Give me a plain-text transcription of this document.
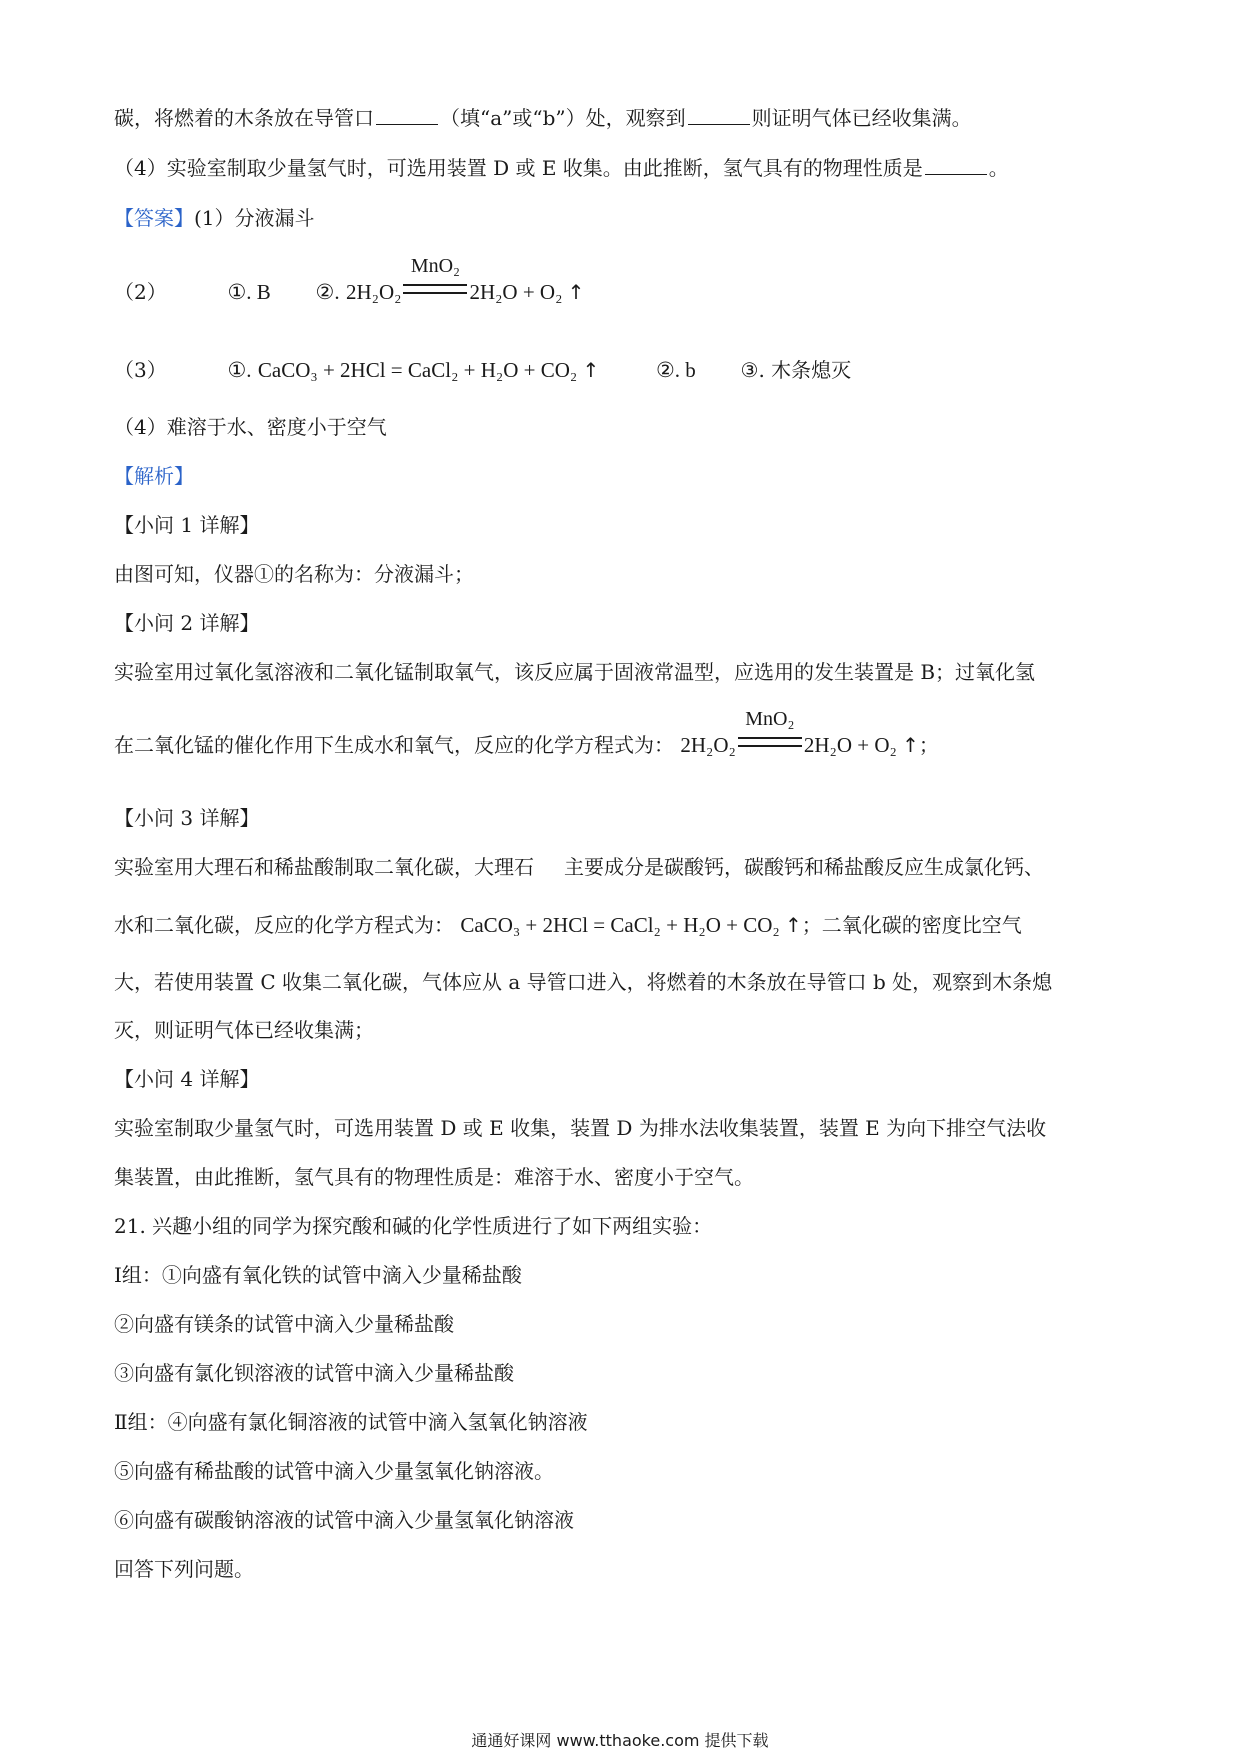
碳，将燃着的木条放在导管口	（填“a”或“b”）处，观察到	则证明气体已经收集满。
（4）实验室制取少量氢气时，可选用装置 D 或 E 收集。由此推断，氢气具有的物理性质是	。
【答案】(1）分液漏斗
（2）	①. B ②. 2H₂O₂
MnO₂
2H₂O + O₂ ↑
（3）	①. CaCO₃ + 2HCl = CaCl₂ + H₂O + CO₂ ↑	②. b ③. 木条熄灭
（4）难溶于水、密度小于空气
【解析】
【小问 1 详解】
由图可知，仪器①的名称为：分液漏斗；
【小问 2 详解】
实验室用过氧化氢溶液和二氧化锰制取氧气，该反应属于固液常温型，应选用的发生装置是 B；过氧化氢
在二氧化锰的催化作用下生成水和氧气，反应的化学方程式为： 2H₂O₂
MnO₂
2H₂O + O₂ ↑；
【小问 3 详解】
实验室用大理石和稀盐酸制取二氧化碳，大理石 主要成分是碳酸钙，碳酸钙和稀盐酸反应生成氯化钙、
水和二氧化碳，反应的化学方程式为： CaCO₃ + 2HCl = CaCl₂ + H₂O + CO₂ ↑；二氧化碳的密度比空气
大，若使用装置 C 收集二氧化碳，气体应从 a 导管口进入，将燃着的木条放在导管口 b 处，观察到木条熄
灭，则证明气体已经收集满；
【小问 4 详解】
实验室制取少量氢气时，可选用装置 D 或 E 收集，装置 D 为排水法收集装置，装置 E 为向下排空气法收
集装置，由此推断，氢气具有的物理性质是：难溶于水、密度小于空气。
21. 兴趣小组的同学为探究酸和碱的化学性质进行了如下两组实验：
Ⅰ组：①向盛有氧化铁的试管中滴入少量稀盐酸
②向盛有镁条的试管中滴入少量稀盐酸
③向盛有氯化钡溶液的试管中滴入少量稀盐酸
Ⅱ组：④向盛有氯化铜溶液的试管中滴入氢氧化钠溶液
⑤向盛有稀盐酸的试管中滴入少量氢氧化钠溶液。
⑥向盛有碳酸钠溶液的试管中滴入少量氢氧化钠溶液
回答下列问题。
通通好课网 www.tthaoke.com 提供下载
